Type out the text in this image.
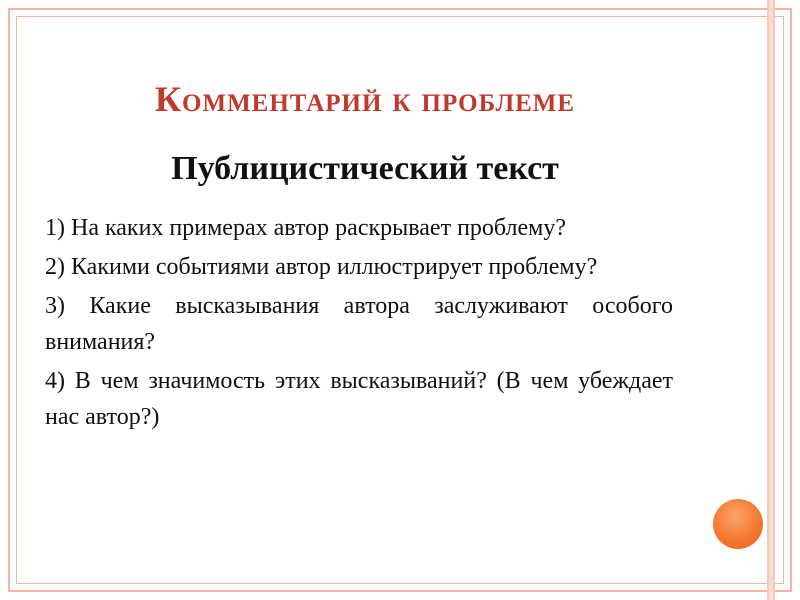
Комментарий к проблеме
Публицистический текст
1) На каких примерах автор раскрывает проблему?
2) Какими событиями автор иллюстрирует проблему?
3) Какие высказывания автора заслуживают особого внимания?
4) В чем значимость этих высказываний? (В чем убеждает нас автор?)
